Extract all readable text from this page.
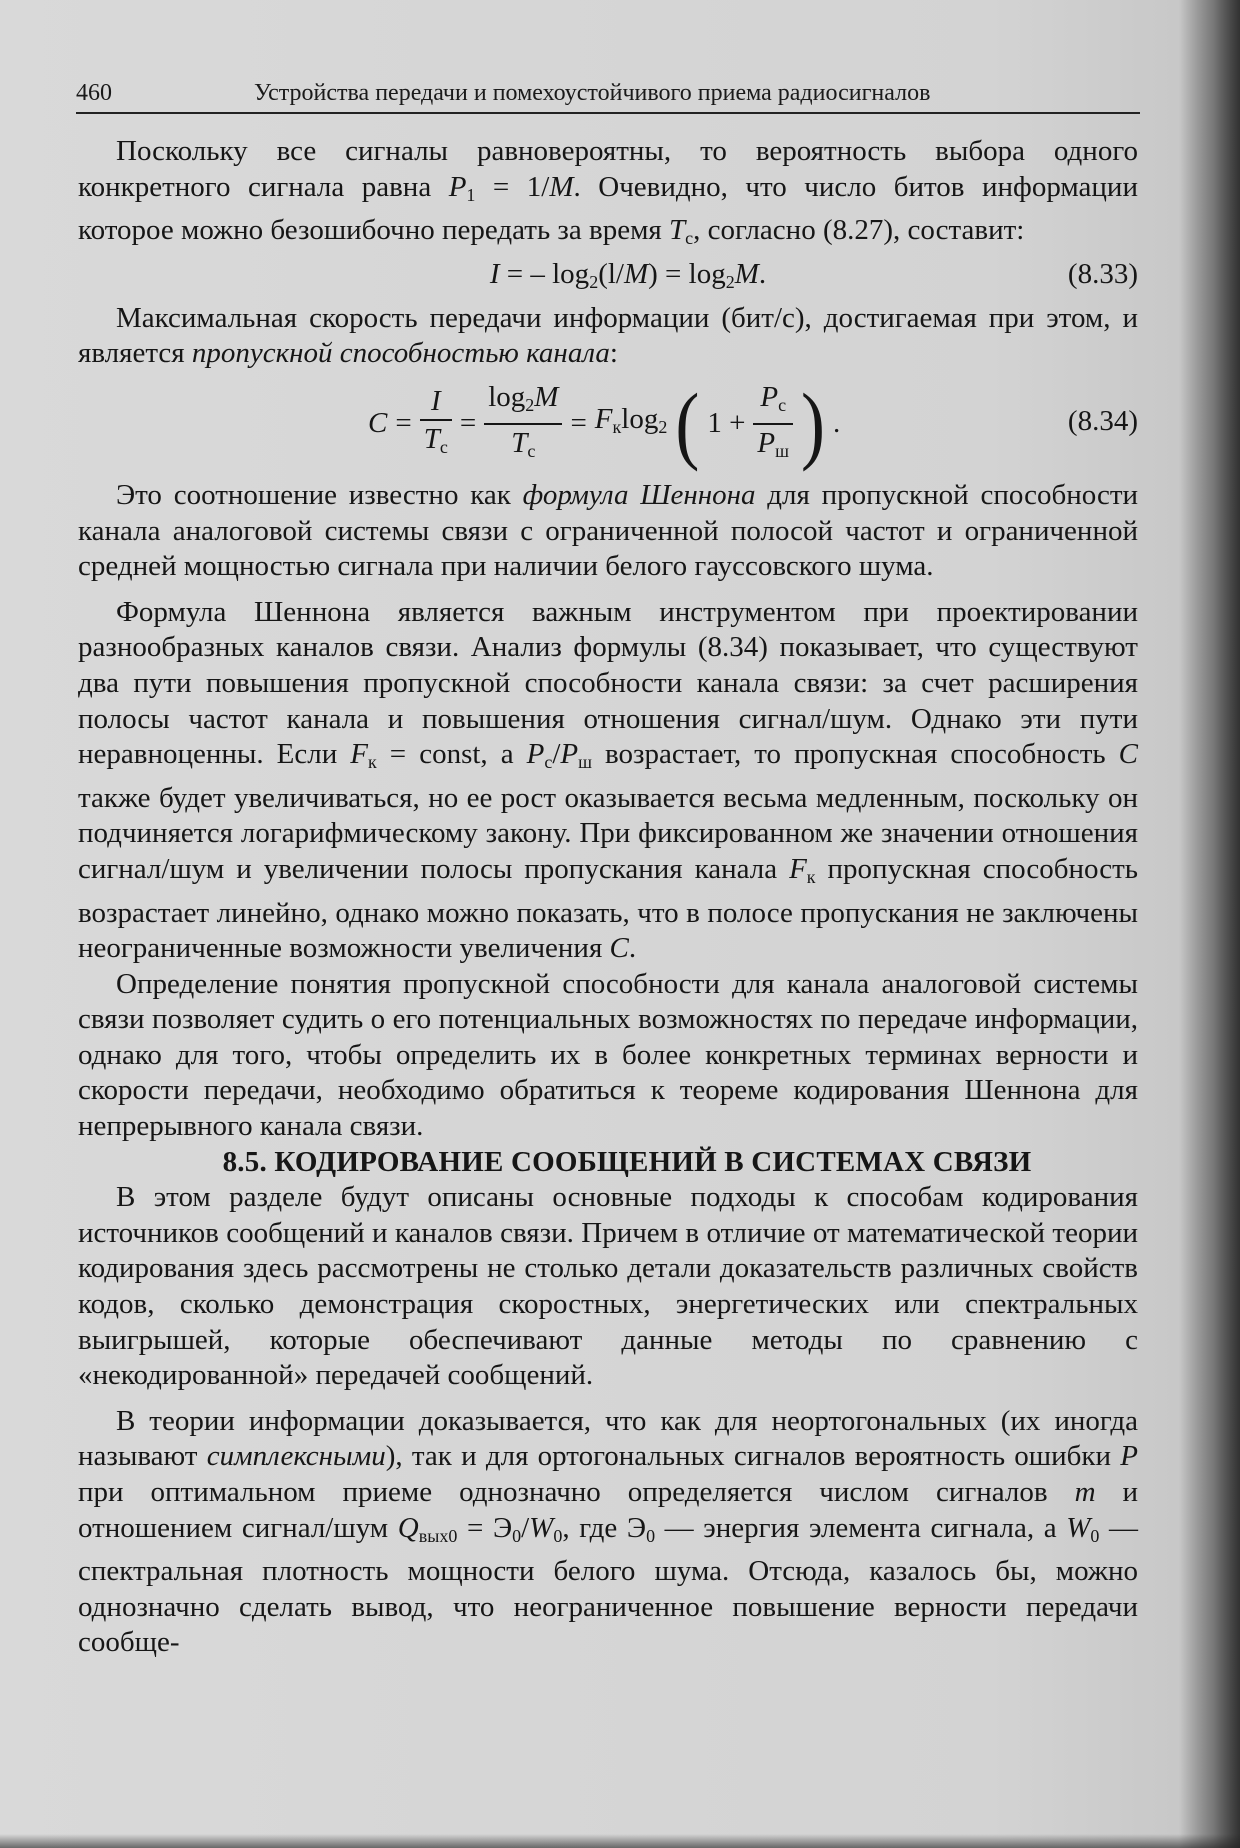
460	Устройства передачи и помехоустойчивого приема радиосигналов

Поскольку все сигналы равновероятны, то вероятность выбора одного конкретного сигнала равна $P_1 = 1/M$. Очевидно, что число битов информации которое можно безошибочно передать за время $T_с$, согласно (8.27), составит:

I = – $\log_2(l/M) = \log_2M$.	(8.33)

Максимальная скорость передачи информации (бит/с), достигаемая при этом, и является пропускной способностью канала:

$C = \frac{I}{T_с} = \frac{\log_2M}{T_с} = F_к\log_2$ ( $1 + \frac{P_с}{P_ш}$ ) .	(8.34)

Это соотношение известно как формула Шеннона для пропускной способности канала аналоговой системы связи с ограниченной полосой частот и ограниченной средней мощностью сигнала при наличии белого гауссовского шума.

Формула Шеннона является важным инструментом при проектировании разнообразных каналов связи. Анализ формулы (8.34) показывает, что существуют два пути повышения пропускной способности канала связи: за счет расширения полосы частот канала и повышения отношения сигнал/шум. Однако эти пути неравноценны. Если $F_к$ = const, а $P_с/P_ш$ возрастает, то пропускная способность C также будет увеличиваться, но ее рост оказывается весьма медленным, поскольку он подчиняется логарифмическому закону. При фиксированном же значении отношения сигнал/шум и увеличении полосы пропускания канала $F_к$ пропускная способность возрастает линейно, однако можно показать, что в полосе пропускания не заключены неограниченные возможности увеличения C.

Определение понятия пропускной способности для канала аналоговой системы связи позволяет судить о его потенциальных возможностях по передаче информации, однако для того, чтобы определить их в более конкретных терминах верности и скорости передачи, необходимо обратиться к теореме кодирования Шеннона для непрерывного канала связи.

8.5. КОДИРОВАНИЕ СООБЩЕНИЙ В СИСТЕМАХ СВЯЗИ

В этом разделе будут описаны основные подходы к способам кодирования источников сообщений и каналов связи. Причем в отличие от математической теории кодирования здесь рассмотрены не столько детали доказательств различных свойств кодов, сколько демонстрация скоростных, энергетических или спектральных выигрышей, которые обеспечивают данные методы по сравнению с «некодированной» передачей сообщений.

В теории информации доказывается, что как для неортогональных (их иногда называют симплексными), так и для ортогональных сигналов вероятность ошибки P при оптимальном приеме однозначно определяется числом сигналов m и отношением сигнал/шум $Q_{вых0} = Э_0/W_0$, где $Э_0$ — энергия элемента сигнала, а $W_0$ — спектральная плотность мощности белого шума. Отсюда, казалось бы, можно однозначно сделать вывод, что неограниченное повышение верности передачи сообще-
